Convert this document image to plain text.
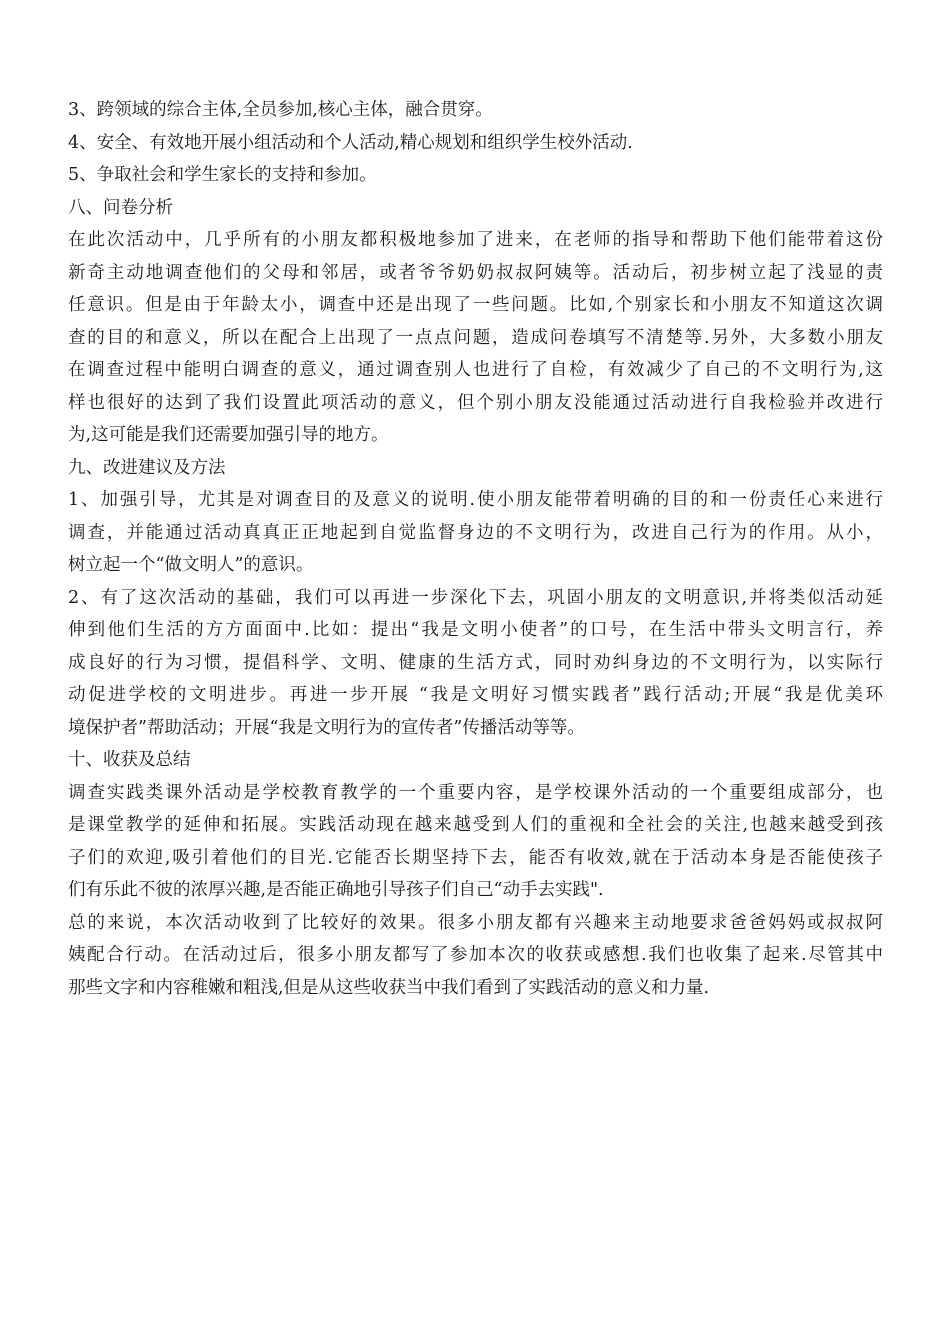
3、跨领域的综合主体,全员参加,核心主体，融合贯穿。
4、安全、有效地开展小组活动和个人活动,精心规划和组织学生校外活动.
5、争取社会和学生家长的支持和参加。
八、问卷分析
在此次活动中，几乎所有的小朋友都积极地参加了进来，在老师的指导和帮助下他们能带着这份
新奇主动地调查他们的父母和邻居，或者爷爷奶奶叔叔阿姨等。活动后，初步树立起了浅显的责
任意识。但是由于年龄太小，调查中还是出现了一些问题。比如,个别家长和小朋友不知道这次调
查的目的和意义，所以在配合上出现了一点点问题，造成问卷填写不清楚等.另外，大多数小朋友
在调查过程中能明白调查的意义，通过调查别人也进行了自检，有效减少了自己的不文明行为,这
样也很好的达到了我们设置此项活动的意义，但个别小朋友没能通过活动进行自我检验并改进行
为,这可能是我们还需要加强引导的地方。
九、改进建议及方法
1、加强引导，尤其是对调查目的及意义的说明.使小朋友能带着明确的目的和一份责任心来进行
调查，并能通过活动真真正正地起到自觉监督身边的不文明行为，改进自己行为的作用。从小，
树立起一个“做文明人”的意识。
2、有了这次活动的基础，我们可以再进一步深化下去，巩固小朋友的文明意识,并将类似活动延
伸到他们生活的方方面面中.比如：提出“我是文明小使者”的口号，在生活中带头文明言行，养
成良好的行为习惯，提倡科学、文明、健康的生活方式，同时劝纠身边的不文明行为，以实际行
动促进学校的文明进步。再进一步开展 “我是文明好习惯实践者”践行活动;开展“我是优美环
境保护者”帮助活动；开展“我是文明行为的宣传者”传播活动等等。
十、收获及总结
调查实践类课外活动是学校教育教学的一个重要内容，是学校课外活动的一个重要组成部分，也
是课堂教学的延伸和拓展。实践活动现在越来越受到人们的重视和全社会的关注,也越来越受到孩
子们的欢迎,吸引着他们的目光.它能否长期坚持下去，能否有收效,就在于活动本身是否能使孩子
们有乐此不彼的浓厚兴趣,是否能正确地引导孩子们自己“动手去实践".
总的来说，本次活动收到了比较好的效果。很多小朋友都有兴趣来主动地要求爸爸妈妈或叔叔阿
姨配合行动。在活动过后，很多小朋友都写了参加本次的收获或感想.我们也收集了起来.尽管其中
那些文字和内容稚嫩和粗浅,但是从这些收获当中我们看到了实践活动的意义和力量.
